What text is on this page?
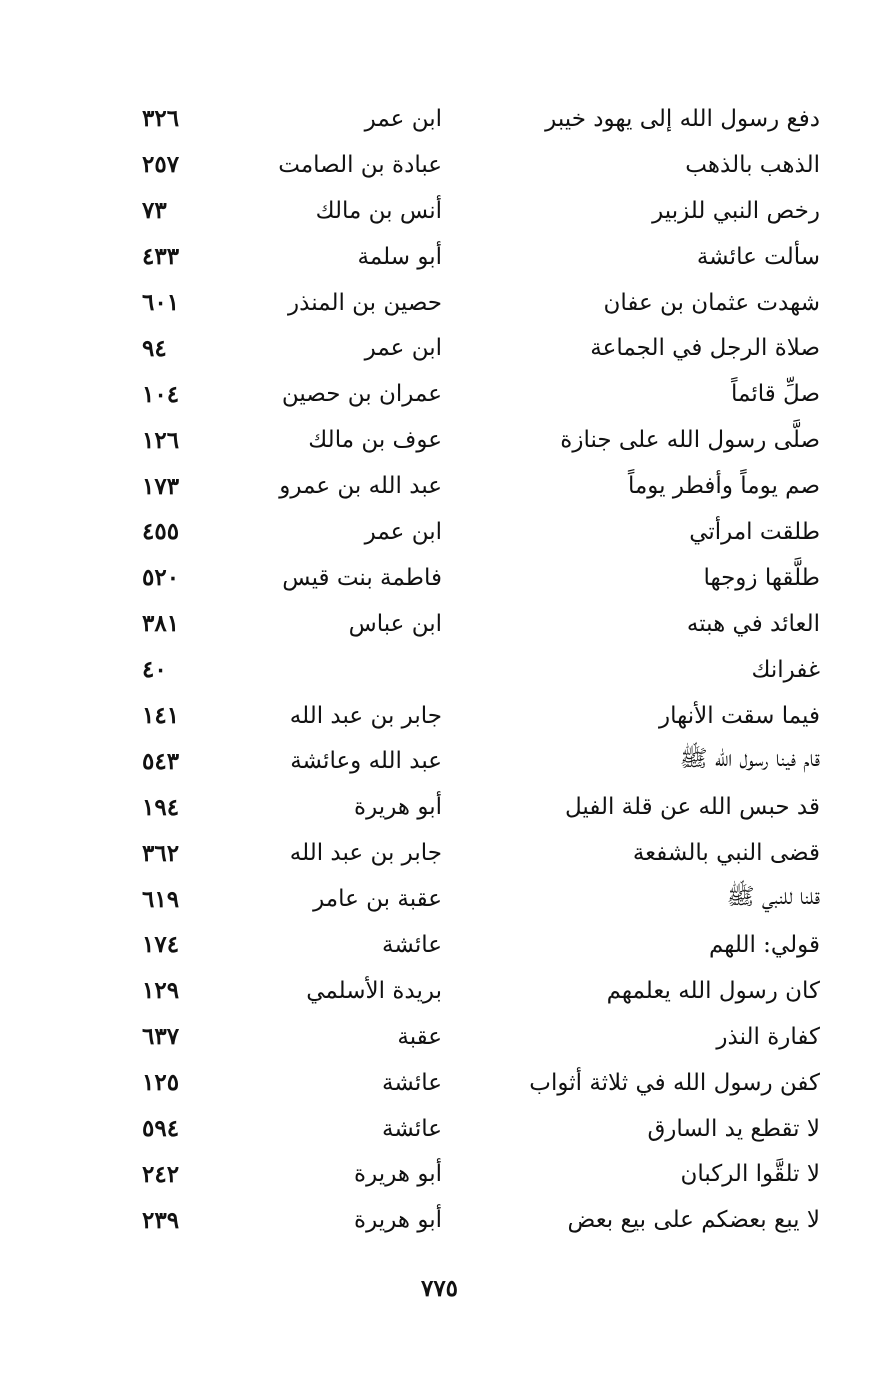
دفع رسول الله إلى يهود خيبر
ابن عمر
٣٢٦
الذهب بالذهب
عبادة بن الصامت
٢٥٧
رخص النبي للزبير
أنس بن مالك
٧٣
سألت عائشة
أبو سلمة
٤٣٣
شهدت عثمان بن عفان
حصين بن المنذر
٦٠١
صلاة الرجل في الجماعة
ابن عمر
٩٤
صلِّ قائماً
عمران بن حصين
١٠٤
صلَّى رسول الله على جنازة
عوف بن مالك
١٢٦
صم يوماً وأفطر يوماً
عبد الله بن عمرو
١٧٣
طلقت امرأتي
ابن عمر
٤٥٥
طلَّقها زوجها
فاطمة بنت قيس
٥٢٠
العائد في هبته
ابن عباس
٣٨١
غفرانك
٤٠
فيما سقت الأنهار
جابر بن عبد الله
١٤١
قام فينا رسول الله ﷺ
عبد الله وعائشة
٥٤٣
قد حبس الله عن قلة الفيل
أبو هريرة
١٩٤
قضى النبي بالشفعة
جابر بن عبد الله
٣٦٢
قلنا للنبي ﷺ
عقبة بن عامر
٦١٩
قولي: اللهم
عائشة
١٧٤
كان رسول الله يعلمهم
بريدة الأسلمي
١٢٩
كفارة النذر
عقبة
٦٣٧
كفن رسول الله في ثلاثة أثواب
عائشة
١٢٥
لا تقطع يد السارق
عائشة
٥٩٤
لا تلقَّوا الركبان
أبو هريرة
٢٤٢
لا يبع بعضكم على بيع بعض
أبو هريرة
٢٣٩
٧٧٥
